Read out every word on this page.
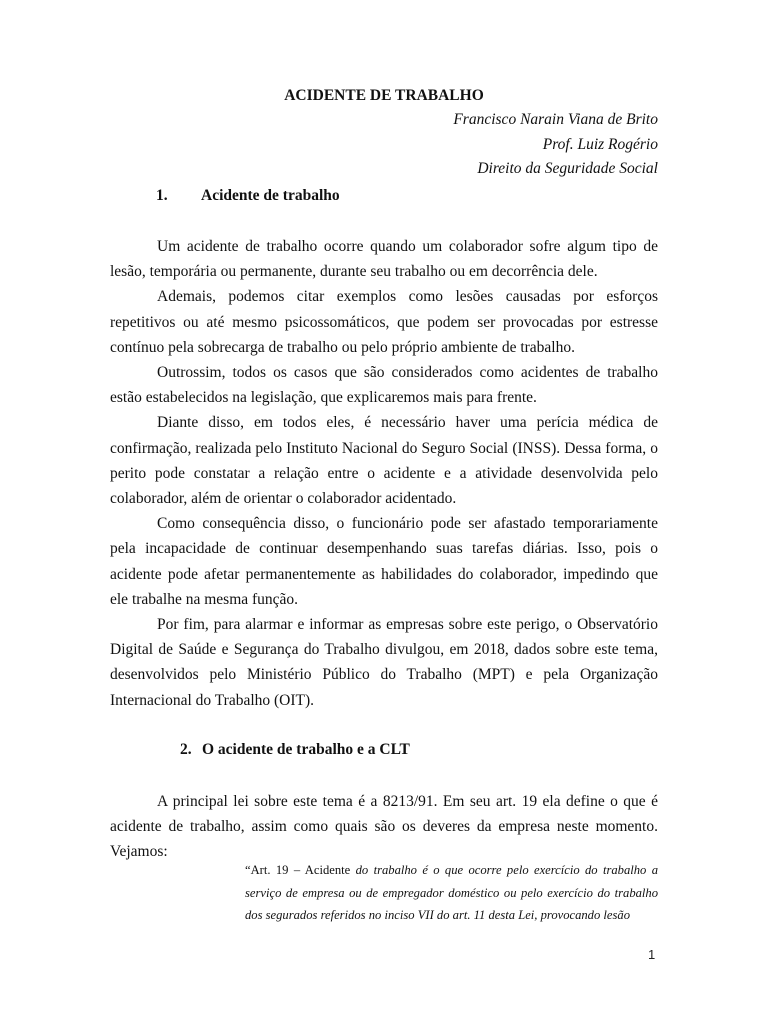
ACIDENTE DE TRABALHO
Francisco Narain Viana de Brito
Prof. Luiz Rogério
Direito da Seguridade Social
1. Acidente de trabalho

Um acidente de trabalho ocorre quando um colaborador sofre algum tipo de lesão, temporária ou permanente, durante seu trabalho ou em decorrência dele.

Ademais, podemos citar exemplos como lesões causadas por esforços repetitivos ou até mesmo psicossomáticos, que podem ser provocadas por estresse contínuo pela sobrecarga de trabalho ou pelo próprio ambiente de trabalho.

Outrossim, todos os casos que são considerados como acidentes de trabalho estão estabelecidos na legislação, que explicaremos mais para frente.

Diante disso, em todos eles, é necessário haver uma perícia médica de confirmação, realizada pelo Instituto Nacional do Seguro Social (INSS). Dessa forma, o perito pode constatar a relação entre o acidente e a atividade desenvolvida pelo colaborador, além de orientar o colaborador acidentado.

Como consequência disso, o funcionário pode ser afastado temporariamente pela incapacidade de continuar desempenhando suas tarefas diárias. Isso, pois o acidente pode afetar permanentemente as habilidades do colaborador, impedindo que ele trabalhe na mesma função.

Por fim, para alarmar e informar as empresas sobre este perigo, o Observatório Digital de Saúde e Segurança do Trabalho divulgou, em 2018, dados sobre este tema, desenvolvidos pelo Ministério Público do Trabalho (MPT) e pela Organização Internacional do Trabalho (OIT).

2. O acidente de trabalho e a CLT

A principal lei sobre este tema é a 8213/91. Em seu art. 19 ela define o que é acidente de trabalho, assim como quais são os deveres da empresa neste momento. Vejamos:

“Art. 19 – Acidente do trabalho é o que ocorre pelo exercício do trabalho a serviço de empresa ou de empregador doméstico ou pelo exercício do trabalho dos segurados referidos no inciso VII do art. 11 desta Lei, provocando lesão

1
